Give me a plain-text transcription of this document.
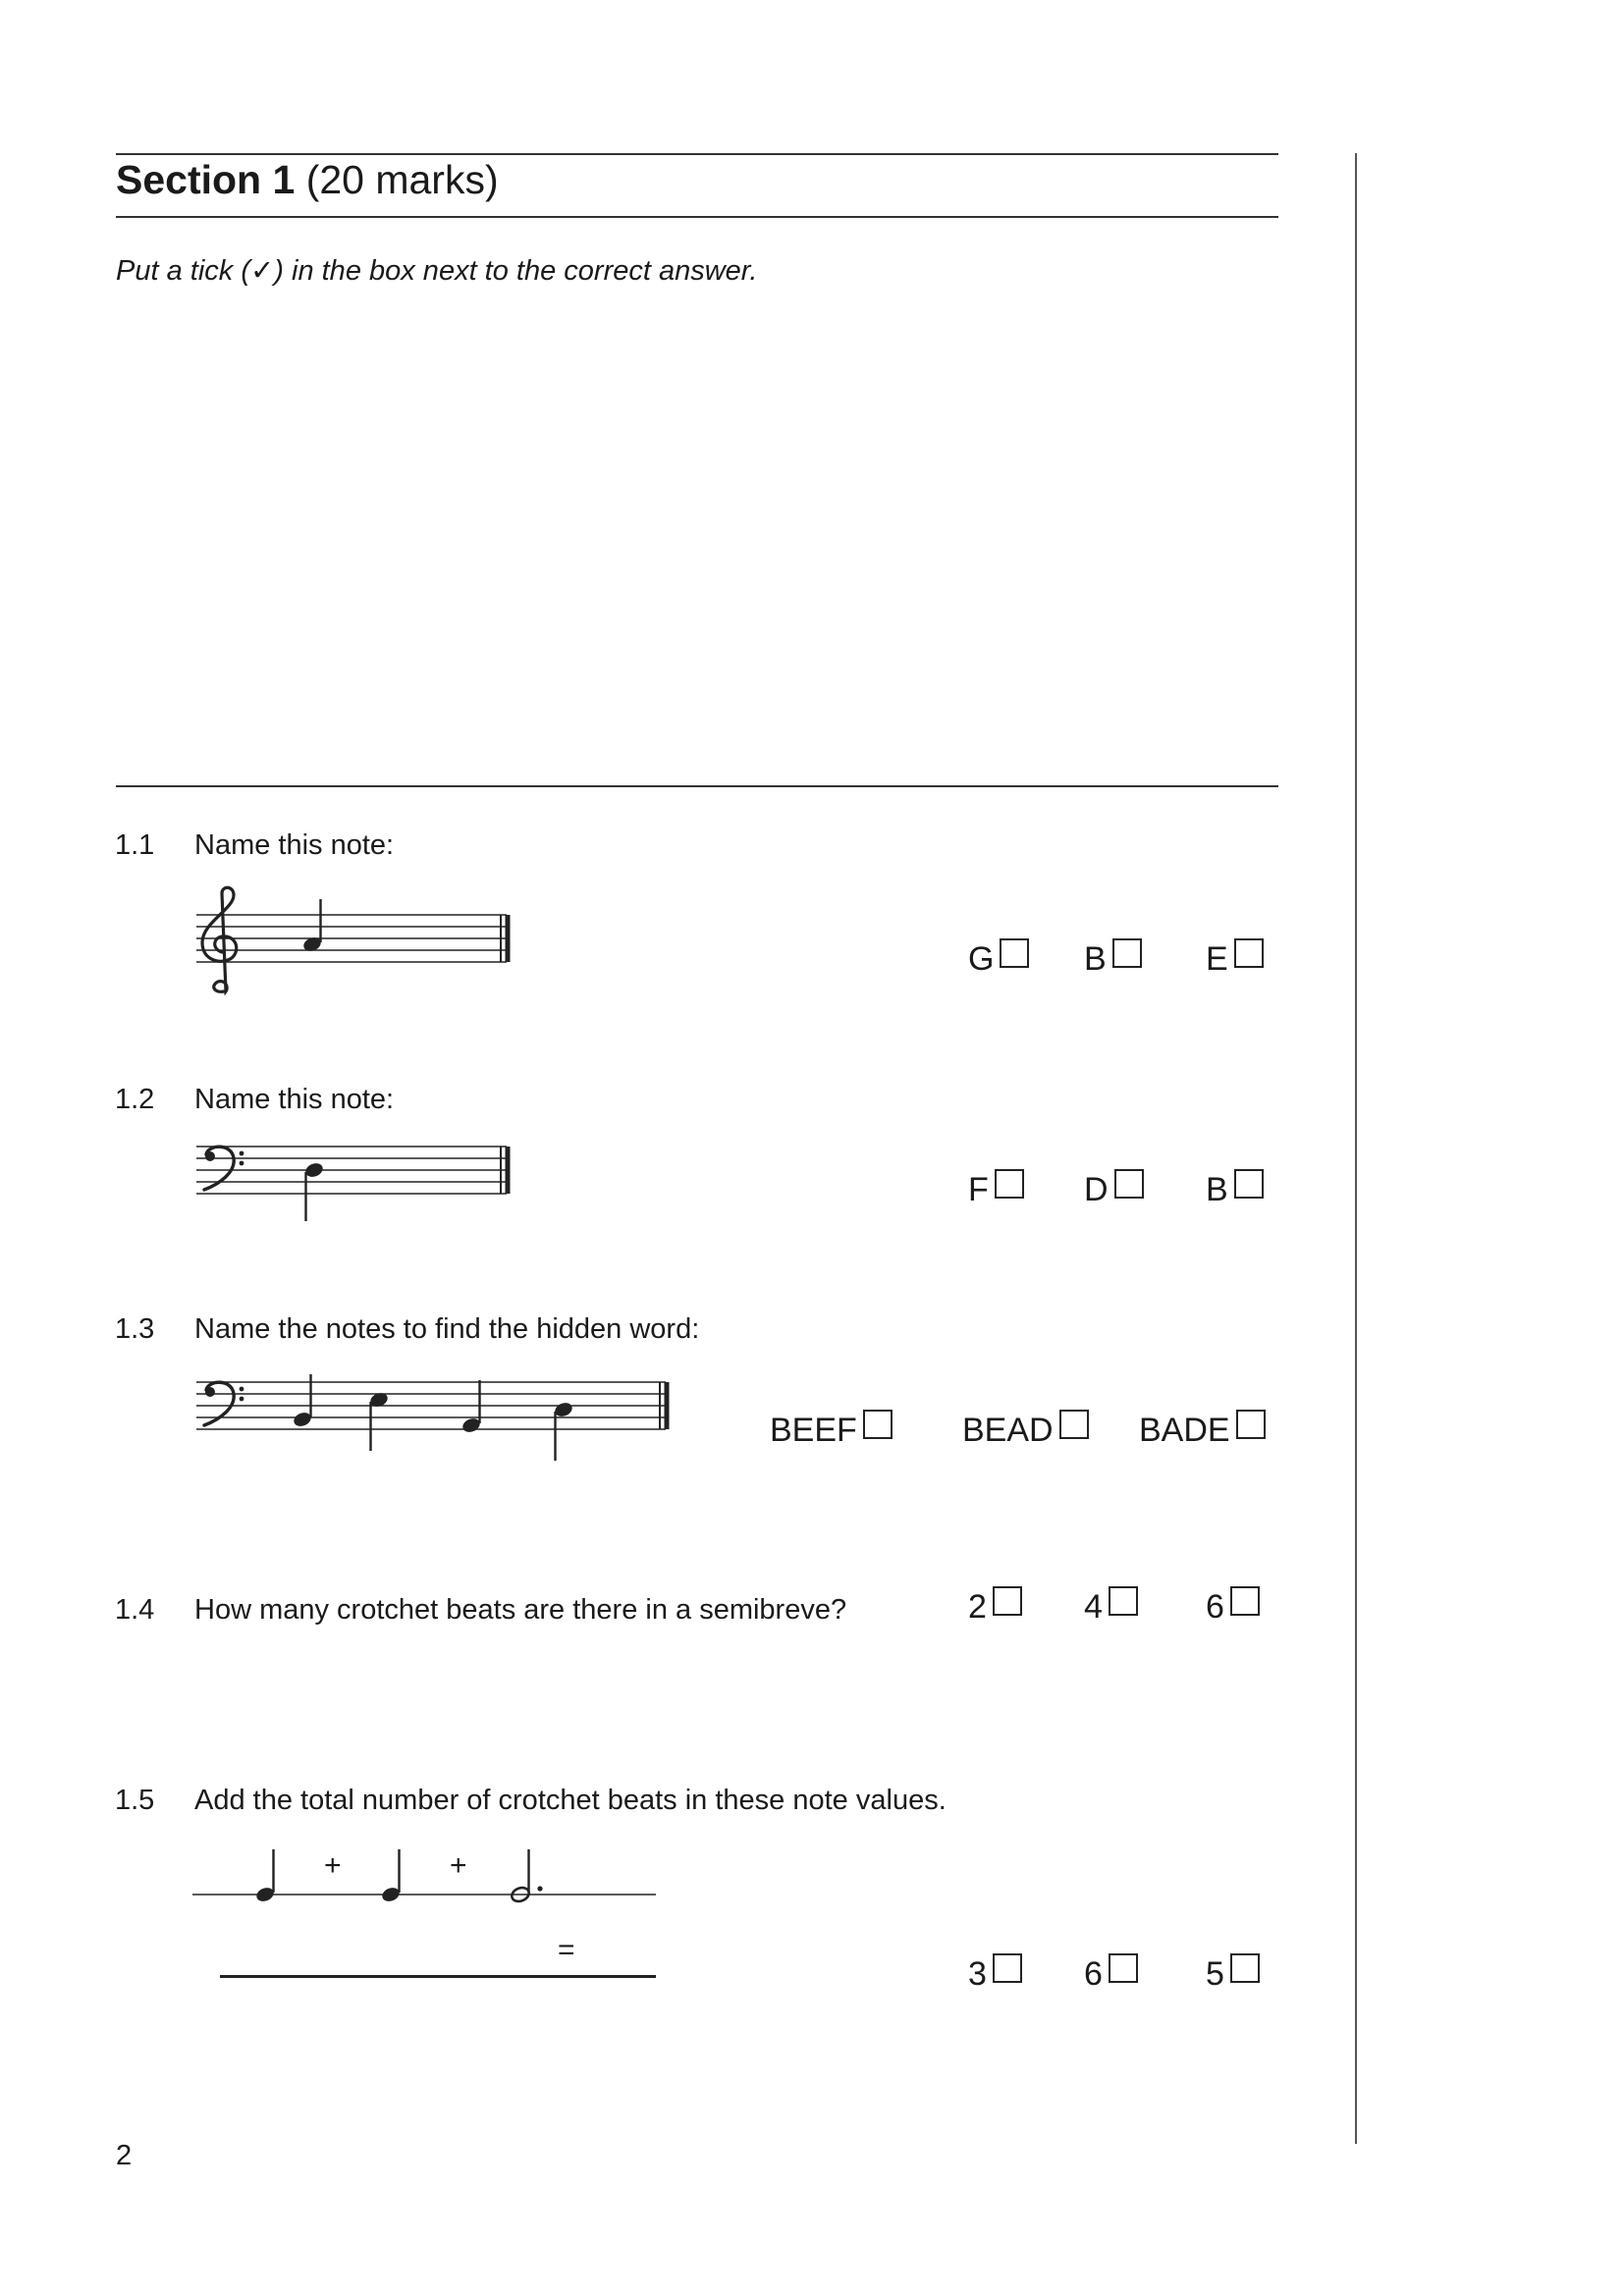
Section 1 (20 marks)
Put a tick (✓) in the box next to the correct answer.
1.1 Name this note:
G	B	E
1.2 Name this note:
F	D	B
1.3 Name the notes to find the hidden word:
BEEF	BEAD	BADE
1.4 How many crotchet beats are there in a semibreve?	2	4	6
1.5 Add the total number of crotchet beats in these note values.
+	+
=
3	6	5
2
